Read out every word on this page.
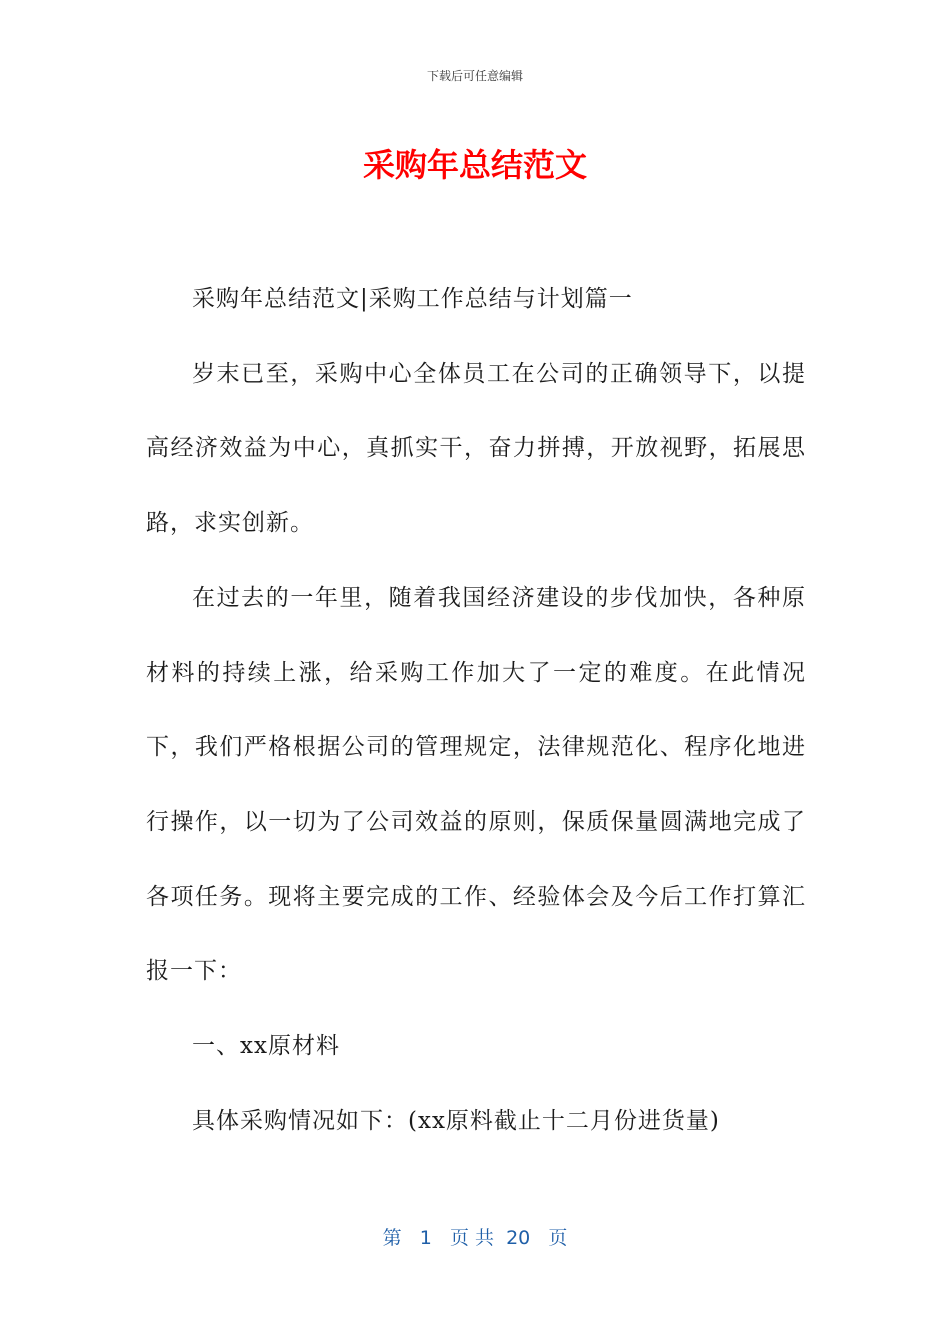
下载后可任意编辑
采购年总结范文

采购年总结范文|采购工作总结与计划篇一

岁末已至，采购中心全体员工在公司的正确领导下，以提高经济效益为中心，真抓实干，奋力拼搏，开放视野，拓展思路，求实创新。

在过去的一年里，随着我国经济建设的步伐加快，各种原材料的持续上涨，给采购工作加大了一定的难度。在此情况下，我们严格根据公司的管理规定，法律规范化、程序化地进行操作，以一切为了公司效益的原则，保质保量圆满地完成了各项任务。现将主要完成的工作、经验体会及今后工作打算汇报一下：

一、xx原材料

具体采购情况如下：(xx原料截止十二月份进货量)

第 1 页 共 20 页
